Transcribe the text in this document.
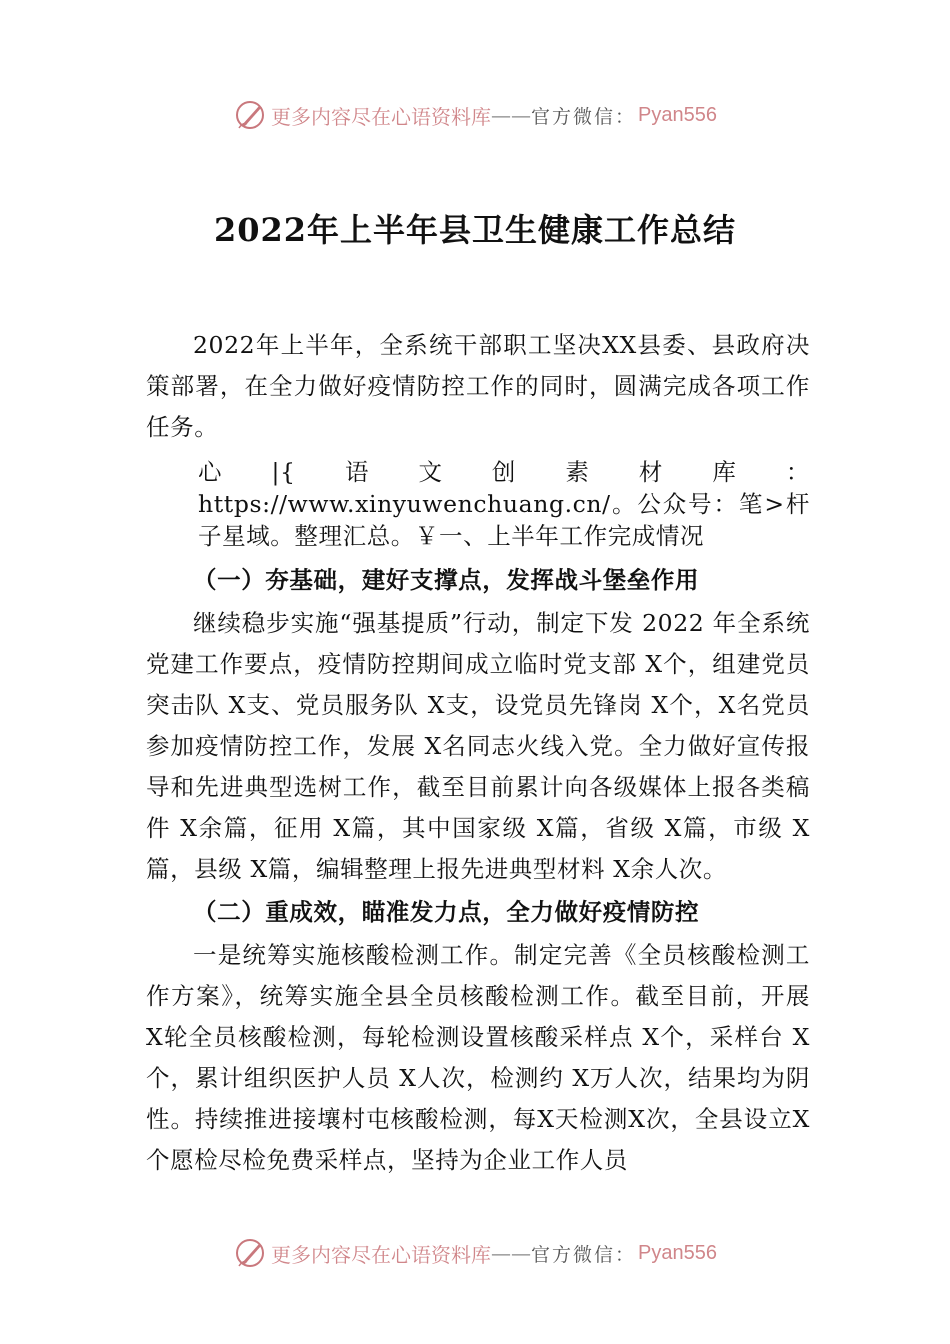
更多内容尽在心语资料库 —— 官方微信： Pyan556
2022年上半年县卫生健康工作总结

2022年上半年，全系统干部职工坚决XX县委、县政府决策部署，在全力做好疫情防控工作的同时，圆满完成各项工作任务。

心|{语文创素材库：https://www.xinyuwenchuang.cn/。公众号：笔>杆子星域。整理汇总。￥一、上半年工作完成情况

（一）夯基础，建好支撑点，发挥战斗堡垒作用

继续稳步实施“强基提质”行动，制定下发 2022 年全系统党建工作要点，疫情防控期间成立临时党支部 X个，组建党员突击队 X支、党员服务队 X支，设党员先锋岗 X个，X名党员参加疫情防控工作，发展 X名同志火线入党。全力做好宣传报导和先进典型选树工作，截至目前累计向各级媒体上报各类稿件 X余篇，征用 X篇，其中国家级 X篇，省级 X篇，市级 X篇，县级 X篇，编辑整理上报先进典型材料 X余人次。

（二）重成效，瞄准发力点，全力做好疫情防控

一是统筹实施核酸检测工作。制定完善《全员核酸检测工作方案》，统筹实施全县全员核酸检测工作。截至目前，开展 X轮全员核酸检测，每轮检测设置核酸采样点 X个，采样台 X个，累计组织医护人员 X人次，检测约 X万人次，结果均为阴性。持续推进接壤村屯核酸检测，每X天检测X次，全县设立X个愿检尽检免费采样点，坚持为企业工作人员

更多内容尽在心语资料库 —— 官方微信： Pyan556
